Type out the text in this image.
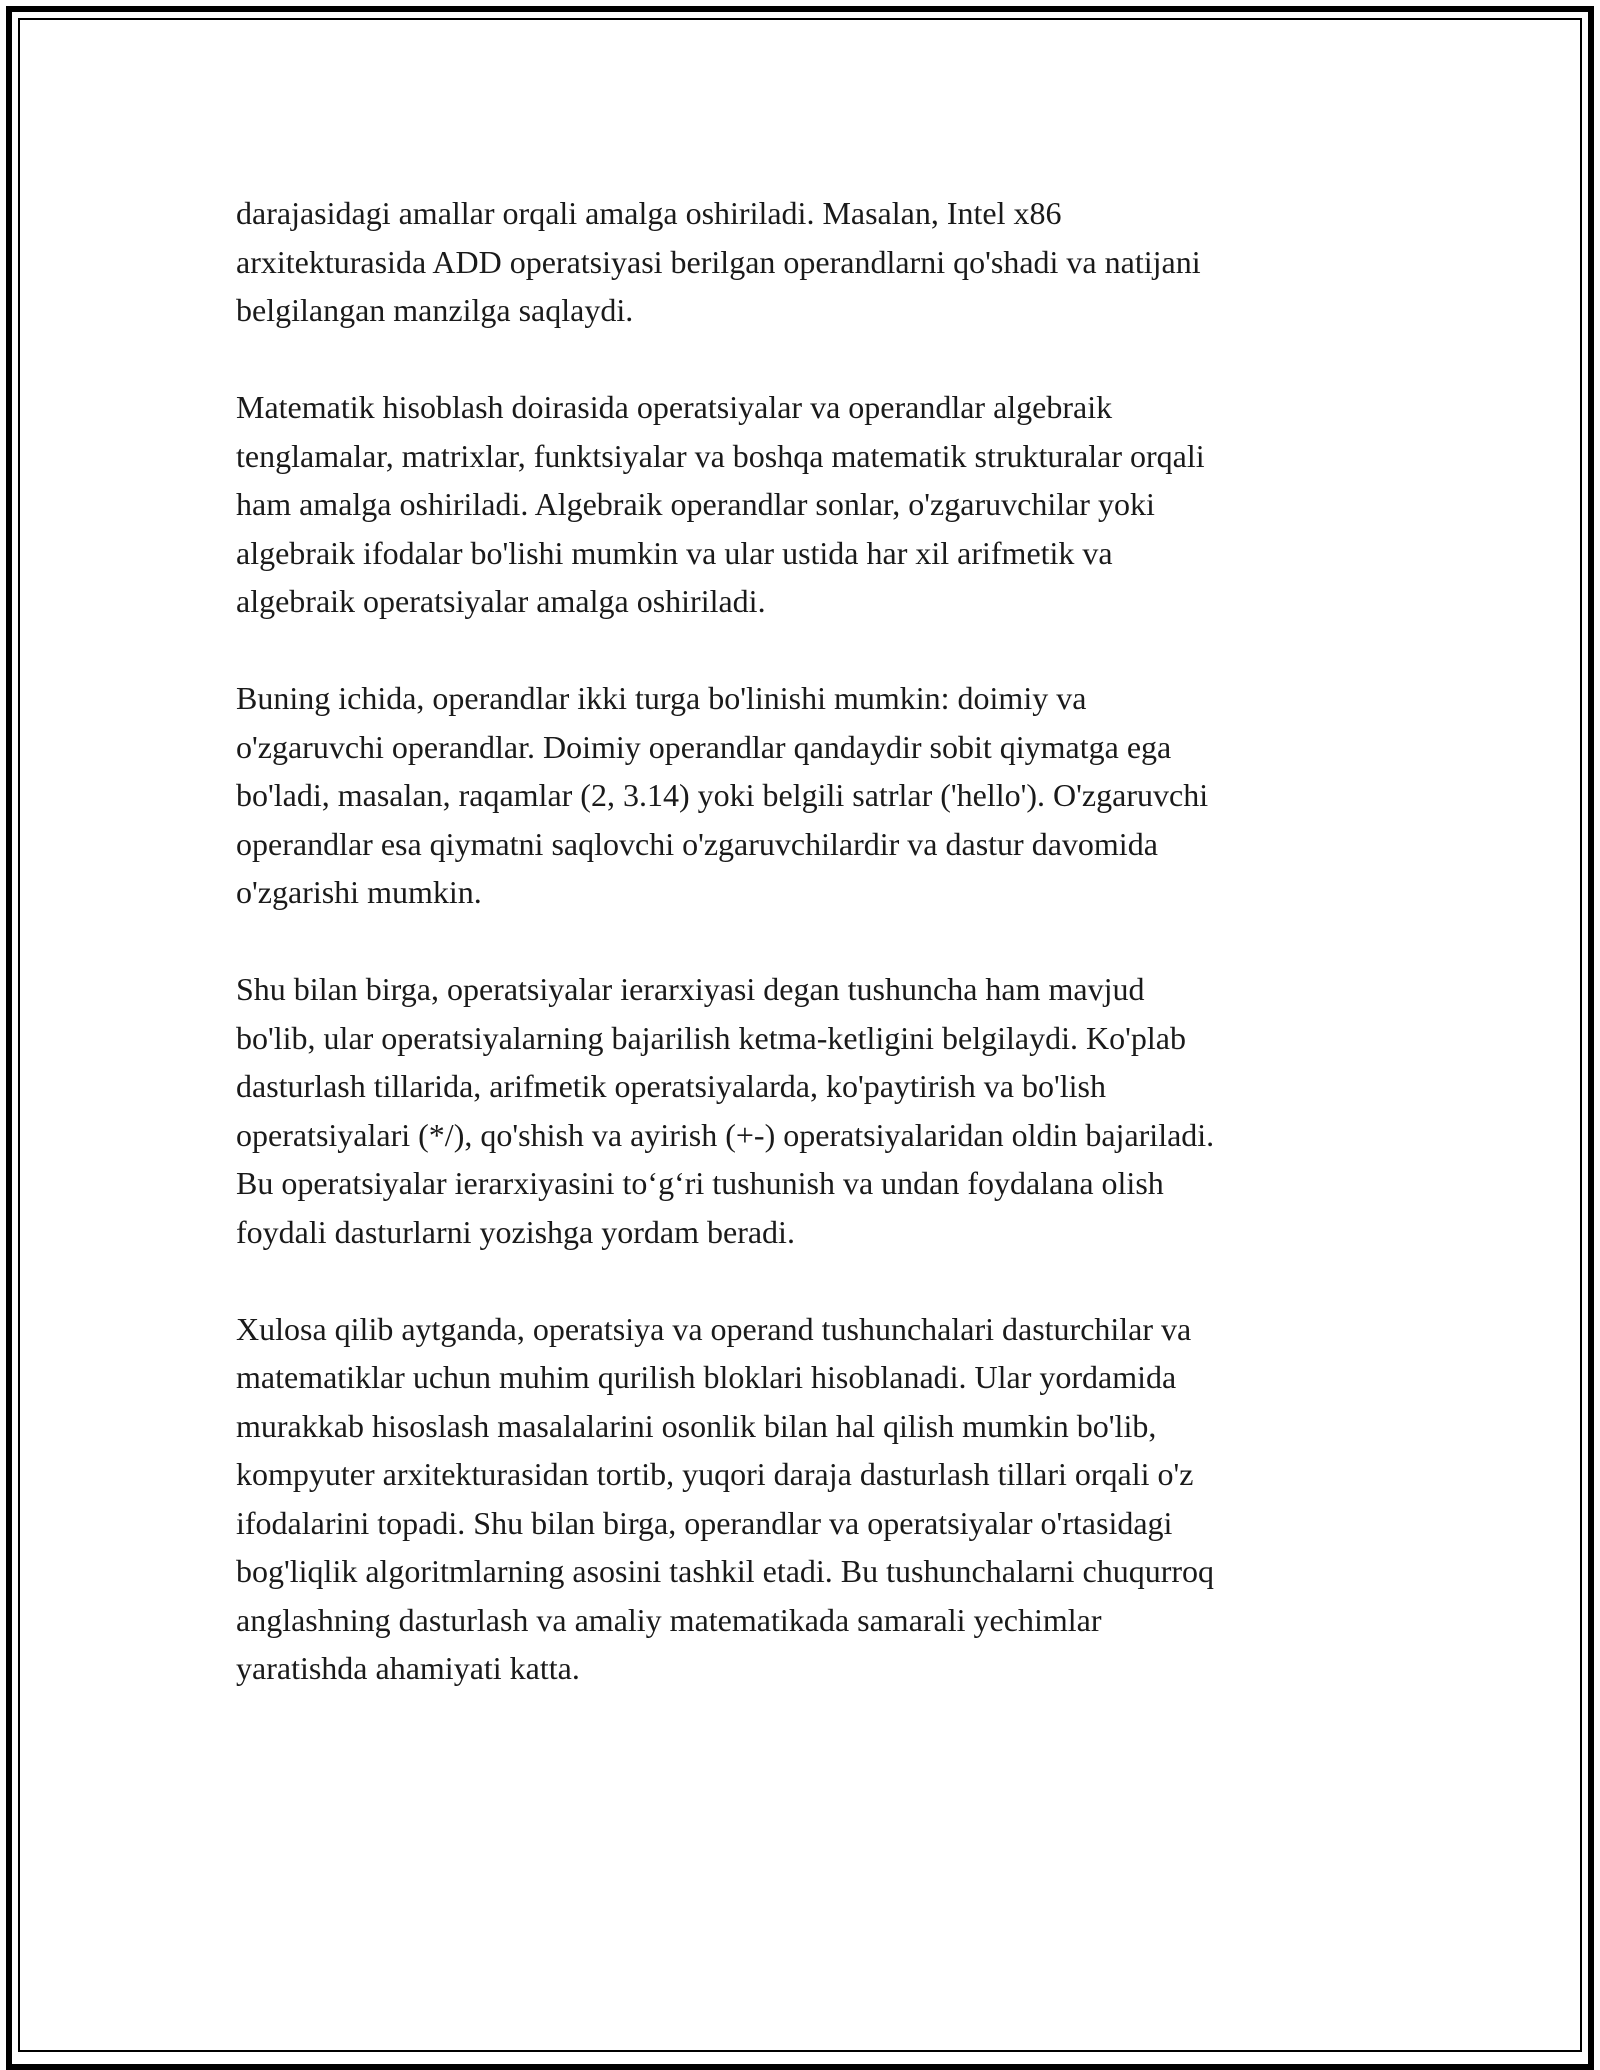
darajasidagi amallar orqali amalga oshiriladi. Masalan, Intel x86
arxitekturasida ADD operatsiyasi berilgan operandlarni qo'shadi va natijani
belgilangan manzilga saqlaydi.

Matematik hisoblash doirasida operatsiyalar va operandlar algebraik
tenglamalar, matrixlar, funktsiyalar va boshqa matematik strukturalar orqali
ham amalga oshiriladi. Algebraik operandlar sonlar, o'zgaruvchilar yoki
algebraik ifodalar bo'lishi mumkin va ular ustida har xil arifmetik va
algebraik operatsiyalar amalga oshiriladi.

Buning ichida, operandlar ikki turga bo'linishi mumkin: doimiy va
o'zgaruvchi operandlar. Doimiy operandlar qandaydir sobit qiymatga ega
bo'ladi, masalan, raqamlar (2, 3.14) yoki belgili satrlar ('hello'). O'zgaruvchi
operandlar esa qiymatni saqlovchi o'zgaruvchilardir va dastur davomida
o'zgarishi mumkin.

Shu bilan birga, operatsiyalar ierarxiyasi degan tushuncha ham mavjud
bo'lib, ular operatsiyalarning bajarilish ketma-ketligini belgilaydi. Ko'plab
dasturlash tillarida, arifmetik operatsiyalarda, ko'paytirish va bo'lish
operatsiyalari (*/), qo'shish va ayirish (+-) operatsiyalaridan oldin bajariladi.
Bu operatsiyalar ierarxiyasini to‘g‘ri tushunish va undan foydalana olish
foydali dasturlarni yozishga yordam beradi.

Xulosa qilib aytganda, operatsiya va operand tushunchalari dasturchilar va
matematiklar uchun muhim qurilish bloklari hisoblanadi. Ular yordamida
murakkab hisoslash masalalarini osonlik bilan hal qilish mumkin bo'lib,
kompyuter arxitekturasidan tortib, yuqori daraja dasturlash tillari orqali o'z
ifodalarini topadi. Shu bilan birga, operandlar va operatsiyalar o'rtasidagi
bog'liqlik algoritmlarning asosini tashkil etadi. Bu tushunchalarni chuqurroq
anglashning dasturlash va amaliy matematikada samarali yechimlar
yaratishda ahamiyati katta.
